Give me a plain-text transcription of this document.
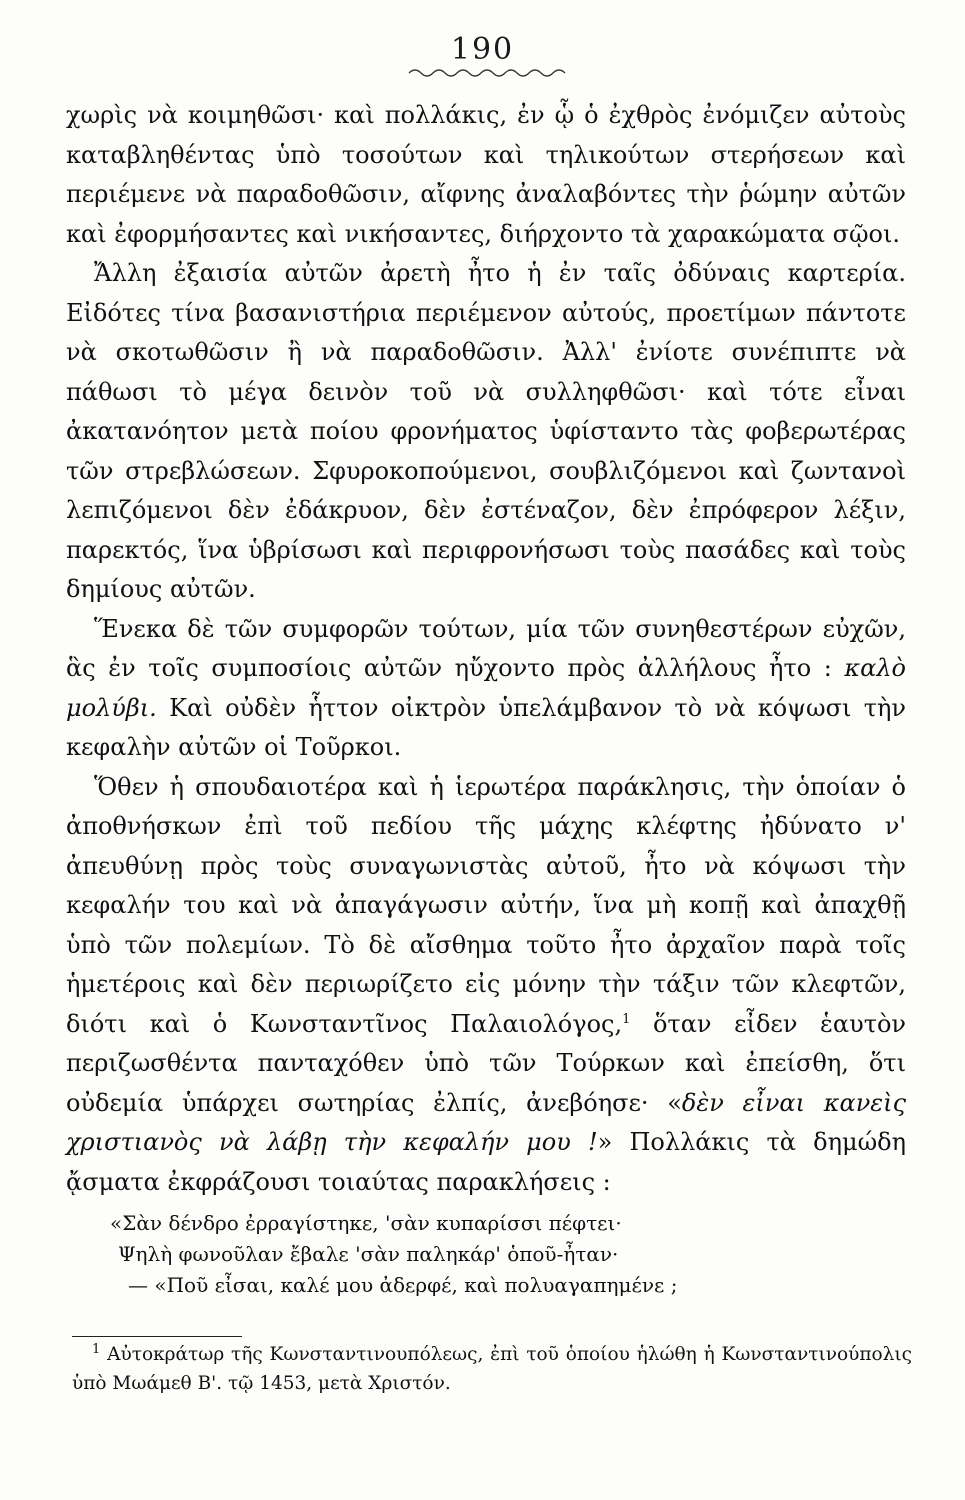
190

χωρὶς νὰ κοιμηθῶσι· καὶ πολλάκις, ἐν ᾧ ὁ ἐχθρὸς ἐνόμιζεν αὐτοὺς καταβληθέντας ὑπὸ τοσούτων καὶ τηλικούτων στερήσεων καὶ περιέμενε νὰ παραδοθῶσιν, αἴφνης ἀναλαβόντες τὴν ῥώμην αὐτῶν καὶ ἐφορμήσαντες καὶ νικήσαντες, διήρχοντο τὰ χαρακώματα σῷοι.

Ἄλλη ἐξαισία αὐτῶν ἀρετὴ ἦτο ἡ ἐν ταῖς ὀδύναις καρτερία. Εἰδότες τίνα βασανιστήρια περιέμενον αὐτούς, προετίμων πάντοτε νὰ σκοτωθῶσιν ἢ νὰ παραδοθῶσιν. Ἀλλ' ἐνίοτε συνέπιπτε νὰ πάθωσι τὸ μέγα δεινὸν τοῦ νὰ συλληφθῶσι· καὶ τότε εἶναι ἀκατανόητον μετὰ ποίου φρονήματος ὑφίσταντο τὰς φοβερωτέρας τῶν στρεβλώσεων. Σφυροκοπούμενοι, σουβλιζόμενοι καὶ ζωντανοὶ λεπιζόμενοι δὲν ἐδάκρυον, δὲν ἐστέναζον, δὲν ἐπρόφερον λέξιν, παρεκτός, ἵνα ὑβρίσωσι καὶ περιφρονήσωσι τοὺς πασάδες καὶ τοὺς δημίους αὐτῶν.

Ἕνεκα δὲ τῶν συμφορῶν τούτων, μία τῶν συνηθεστέρων εὐχῶν, ἃς ἐν τοῖς συμποσίοις αὐτῶν ηὔχοντο πρὸς ἀλλήλους ἦτο : καλὸ μολύβι. Καὶ οὐδὲν ἧττον οἰκτρὸν ὑπελάμβανον τὸ νὰ κόψωσι τὴν κεφαλὴν αὐτῶν οἱ Τοῦρκοι.

Ὅθεν ἡ σπουδαιοτέρα καὶ ἡ ἱερωτέρα παράκλησις, τὴν ὁποίαν ὁ ἀποθνήσκων ἐπὶ τοῦ πεδίου τῆς μάχης κλέφτης ἠδύνατο ν' ἀπευθύνῃ πρὸς τοὺς συναγωνιστὰς αὐτοῦ, ἦτο νὰ κόψωσι τὴν κεφαλήν του καὶ νὰ ἀπαγάγωσιν αὐτήν, ἵνα μὴ κοπῇ καὶ ἀπαχθῇ ὑπὸ τῶν πολεμίων. Τὸ δὲ αἴσθημα τοῦτο ἦτο ἀρχαῖον παρὰ τοῖς ἡμετέροις καὶ δὲν περιωρίζετο εἰς μόνην τὴν τάξιν τῶν κλεφτῶν, διότι καὶ ὁ Κωνσταντῖνος Παλαιολόγος,$^1$ ὅταν εἶδεν ἑαυτὸν περιζωσθέντα πανταχόθεν ὑπὸ τῶν Τούρκων καὶ ἐπείσθη, ὅτι οὐδεμία ὑπάρχει σωτηρίας ἐλπίς, ἀνεβόησε· «δὲν εἶναι κανεὶς χριστιανὸς νὰ λάβῃ τὴν κεφαλήν μου !» Πολλάκις τὰ δημώδη ᾄσματα ἐκφράζουσι τοιαύτας παρακλήσεις :

«Σὰν δένδρο ἐρραγίστηκε, 'σὰν κυπαρίσσι πέφτει·
Ψηλὴ φωνοῦλαν ἔβαλε 'σὰν παληκάρ' ὁποῦ-ἦταν·
— «Ποῦ εἶσαι, καλέ μου ἀδερφέ, καὶ πολυαγαπημένε ;
$^1$ Αὐτοκράτωρ τῆς Κωνσταντινουπόλεως, ἐπὶ τοῦ ὁποίου ἡλώθη ἡ Κωνσταντινούπολις ὑπὸ Μωάμεθ Β'. τῷ 1453, μετὰ Χριστόν.
